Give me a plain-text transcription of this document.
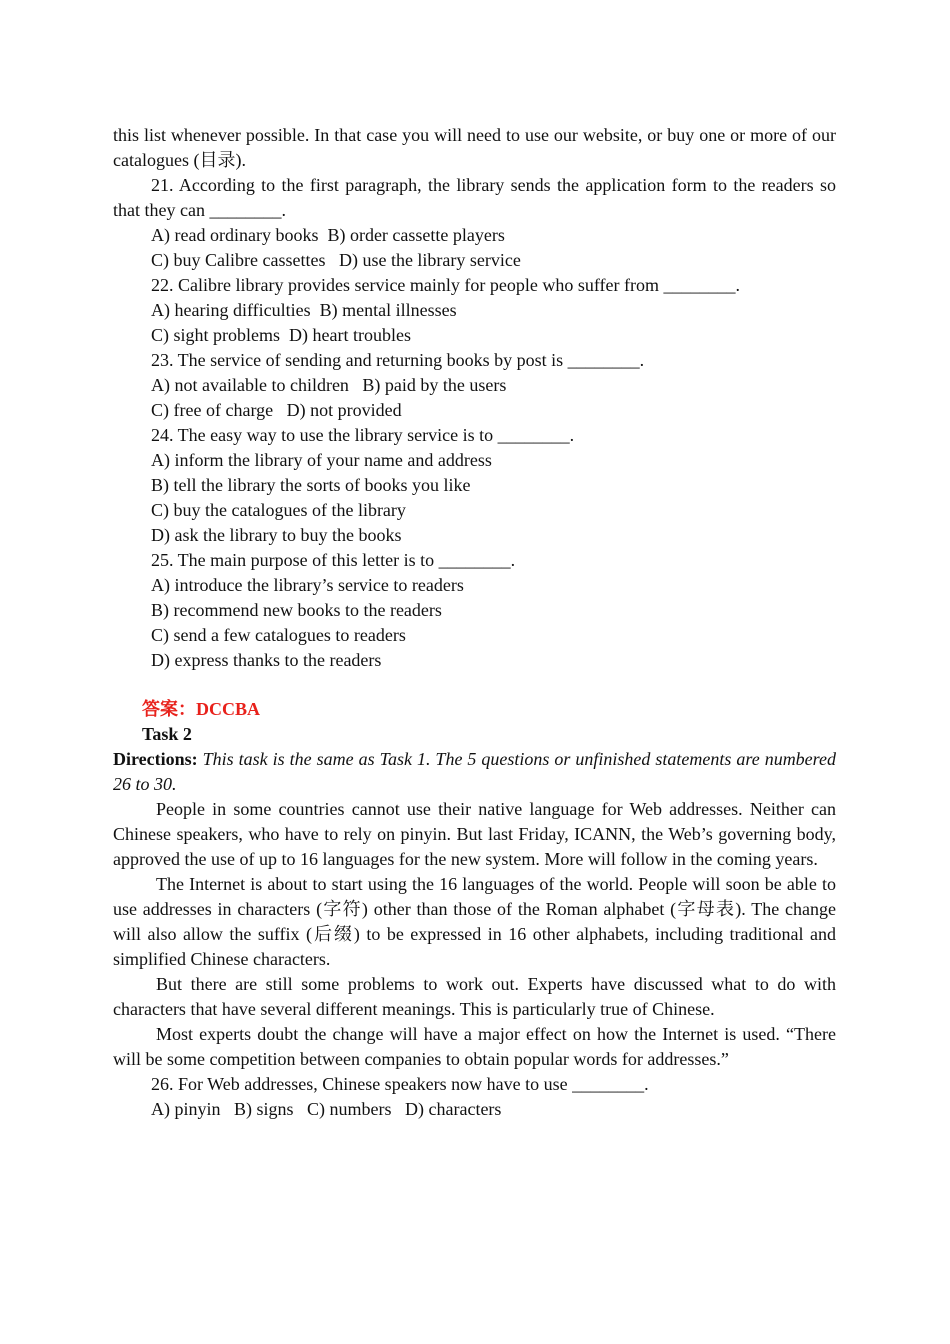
this list whenever possible. In that case you will need to use our website, or buy one or more of our catalogues (目录).

21. According to the first paragraph, the library sends the application form to the readers so that they can ________.

A) read ordinary books  B) order cassette players

C) buy Calibre cassettes   D) use the library service

22. Calibre library provides service mainly for people who suffer from ________.

A) hearing difficulties  B) mental illnesses

C) sight problems  D) heart troubles

23. The service of sending and returning books by post is ________.

A) not available to children   B) paid by the users

C) free of charge   D) not provided

24. The easy way to use the library service is to ________.

A) inform the library of your name and address

B) tell the library the sorts of books you like

C) buy the catalogues of the library

D) ask the library to buy the books

25. The main purpose of this letter is to ________.

A) introduce the library’s service to readers

B) recommend new books to the readers

C) send a few catalogues to readers

D) express thanks to the readers

答案：DCCBA

Task 2

Directions: This task is the same as Task 1. The 5 questions or unfinished statements are numbered 26 to 30.

People in some countries cannot use their native language for Web addresses. Neither can Chinese speakers, who have to rely on pinyin. But last Friday, ICANN, the Web’s governing body, approved the use of up to 16 languages for the new system. More will follow in the coming years.

The Internet is about to start using the 16 languages of the world. People will soon be able to use addresses in characters (字符) other than those of the Roman alphabet (字母表). The change will also allow the suffix (后缀) to be expressed in 16 other alphabets, including traditional and simplified Chinese characters.

But there are still some problems to work out. Experts have discussed what to do with characters that have several different meanings. This is particularly true of Chinese.

Most experts doubt the change will have a major effect on how the Internet is used. “There will be some competition between companies to obtain popular words for addresses.”

26. For Web addresses, Chinese speakers now have to use ________.

A) pinyin   B) signs   C) numbers   D) characters
